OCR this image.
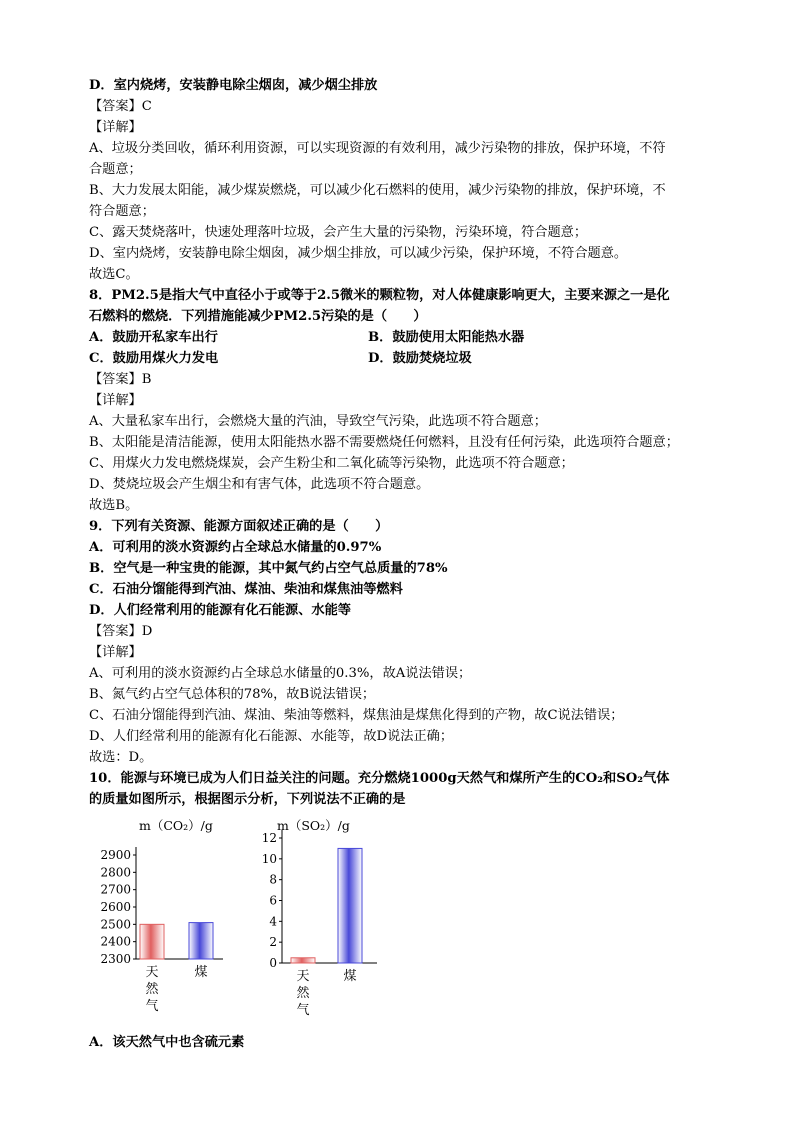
D．室内烧烤，安装静电除尘烟囱，减少烟尘排放
【答案】C
【详解】
A、垃圾分类回收，循环利用资源，可以实现资源的有效利用，减少污染物的排放，保护环境，不符
合题意；
B、大力发展太阳能，减少煤炭燃烧，可以减少化石燃料的使用，减少污染物的排放，保护环境，不
符合题意；
C、露天焚烧落叶，快速处理落叶垃圾，会产生大量的污染物，污染环境，符合题意；
D、室内烧烤，安装静电除尘烟囱，减少烟尘排放，可以减少污染，保护环境，不符合题意。
故选C。
8．PM2.5是指大气中直径小于或等于2.5微米的颗粒物，对人体健康影响更大，主要来源之一是化
石燃料的燃烧．下列措施能减少PM2.5污染的是（　　）
A．鼓励开私家车出行	B．鼓励使用太阳能热水器
C．鼓励用煤火力发电	D．鼓励焚烧垃圾
【答案】B
【详解】
A、大量私家车出行，会燃烧大量的汽油，导致空气污染，此选项不符合题意；
B、太阳能是清洁能源，使用太阳能热水器不需要燃烧任何燃料，且没有任何污染，此选项符合题意；
C、用煤火力发电燃烧煤炭，会产生粉尘和二氧化硫等污染物，此选项不符合题意；
D、焚烧垃圾会产生烟尘和有害气体，此选项不符合题意。
故选B。
9．下列有关资源、能源方面叙述正确的是（　　）
A．可利用的淡水资源约占全球总水储量的0.97%
B．空气是一种宝贵的能源，其中氮气约占空气总质量的78%
C．石油分馏能得到汽油、煤油、柴油和煤焦油等燃料
D．人们经常利用的能源有化石能源、水能等
【答案】D
【详解】
A、可利用的淡水资源约占全球总水储量的0.3%，故A说法错误；
B、氮气约占空气总体积的78%，故B说法错误；
C、石油分馏能得到汽油、煤油、柴油等燃料，煤焦油是煤焦化得到的产物，故C说法错误；
D、人们经常利用的能源有化石能源、水能等，故D说法正确；
故选：D。
10．能源与环境已成为人们日益关注的问题。充分燃烧1000g天然气和煤所产生的CO₂和SO₂气体
的质量如图所示，根据图示分析，下列说法不正确的是
A．该天然气中也含硫元素
m（CO₂）/g
2900
2800
2700
2600
2500
2400
2300
天
然
气
煤
m（SO₂）/g
12
10
8
6
4
2
0
天
然
气
煤
